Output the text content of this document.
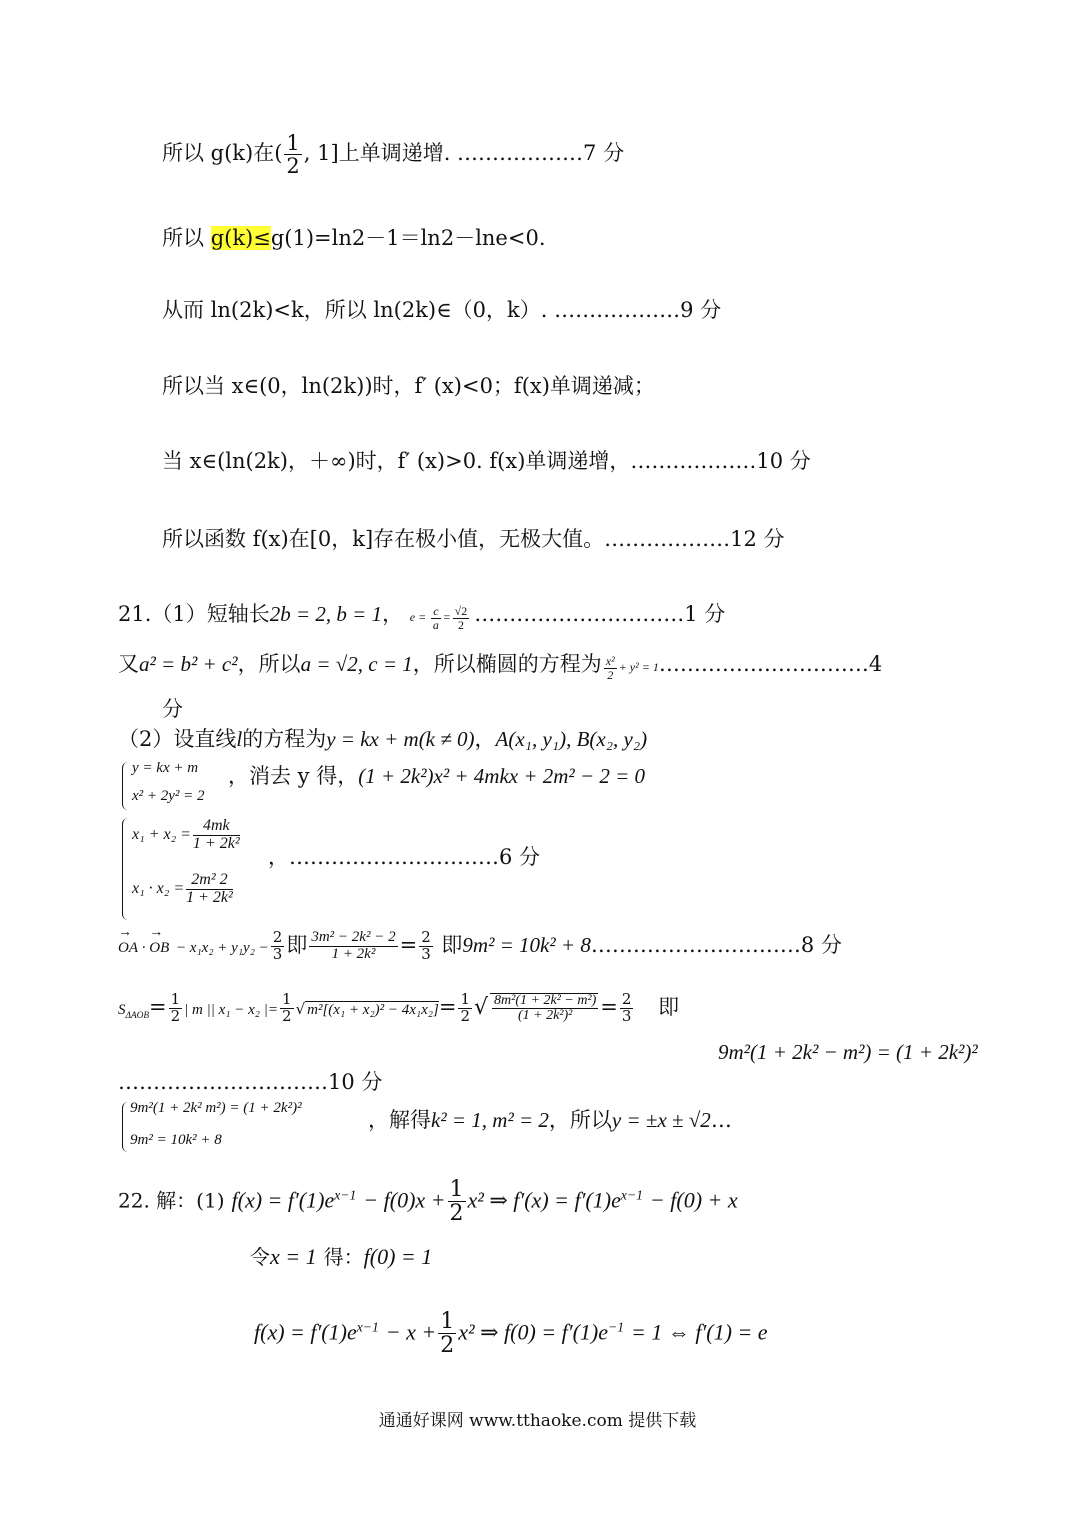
所以 g(k)在( $\frac{1}{2}$ , 1]上单调递增. ………………7 分
所以 g(k)≤g(1)=ln2－1＝ln2－lne<0.
从而 ln(2k)<k，所以 ln(2k)∈（0，k）. ………………9 分
所以当 x∈(0，ln(2k))时，f′ (x)<0；f(x)单调递减；
当 x∈(ln(2k)，＋∞)时，f′ (x)>0. f(x)单调递增，………………10 分
所以函数 f(x)在[0，k]存在极小值，无极大值。………………12 分
21.（1）短轴长2b = 2, b = 1， $e = \frac{c}{a} = \frac{√2}{2}$ …………………………1 分
又a² = b² + c²，所以a = √2, c = 1，所以椭圆的方程为 $\frac{\text{x²}}{2} + y^2$ = 1…………………………4
分
（2）设直线l的方程为y = kx + m(k ≠ 0)，A(x₁, y₁), B(x₂, y₂)
y = kx + m
x² + 2y² = 2
，消去 y 得，(1 + 2k²)x² + 4mkx + 2m² − 2 = 0
$x_1 + x_2 = \frac{4mk}{\text{1 + 2k²}}$
$x_1 \cdot x_2 = \frac{\text{2m² 2}}{\text{1 + 2k²}}$
，…………………………6 分
→ OA · → OB − $x_1x_2 + y_1y_2 - \frac{2}{3}$ 即 $\frac{\text{3m² − 2k² − 2}}{\text{1 + 2k²}} = \frac{2}{3}$ 即9m² = 10k² + 8…………………………8 分
$S_{\Delta AOB}= \frac{1}{2}$ | m || x₁ − x₂ |= $\frac{1}{2}$ √ $m^2[(x_1 + x_2)^2 - 4x_1x_2]= \frac{1}{2}$ √ $\frac{\text{8m²(1 + 2k² − m²)}}{\text{(1 + 2k²)²}} = \frac{2}{3}$ 即
9m²(1 + 2k² − m²) = (1 + 2k²)²
…………………………10 分
9m²(1 + 2k² m²) = (1 + 2k²)²
9m² = 10k² + 8
，解得k² = 1, m² = 2，所以y = ±x ± √2…
22. 解：(1) $f(x) = f'(1)e^{x-1} - f(0)x + \frac{1}{2} x^2$ ⇒ $f'(x) = f'(1)e^{x-1} - f(0) + x$
令x = 1 得：f(0) = 1
$f(x) = f'(1)e^{x-1} - x + \frac{1}{2} x^2$ ⇒ $f(0) = f'(1)e^{-1} = 1$ ⇔ f′(1) = e
通通好课网 www.tthaoke.com 提供下载
